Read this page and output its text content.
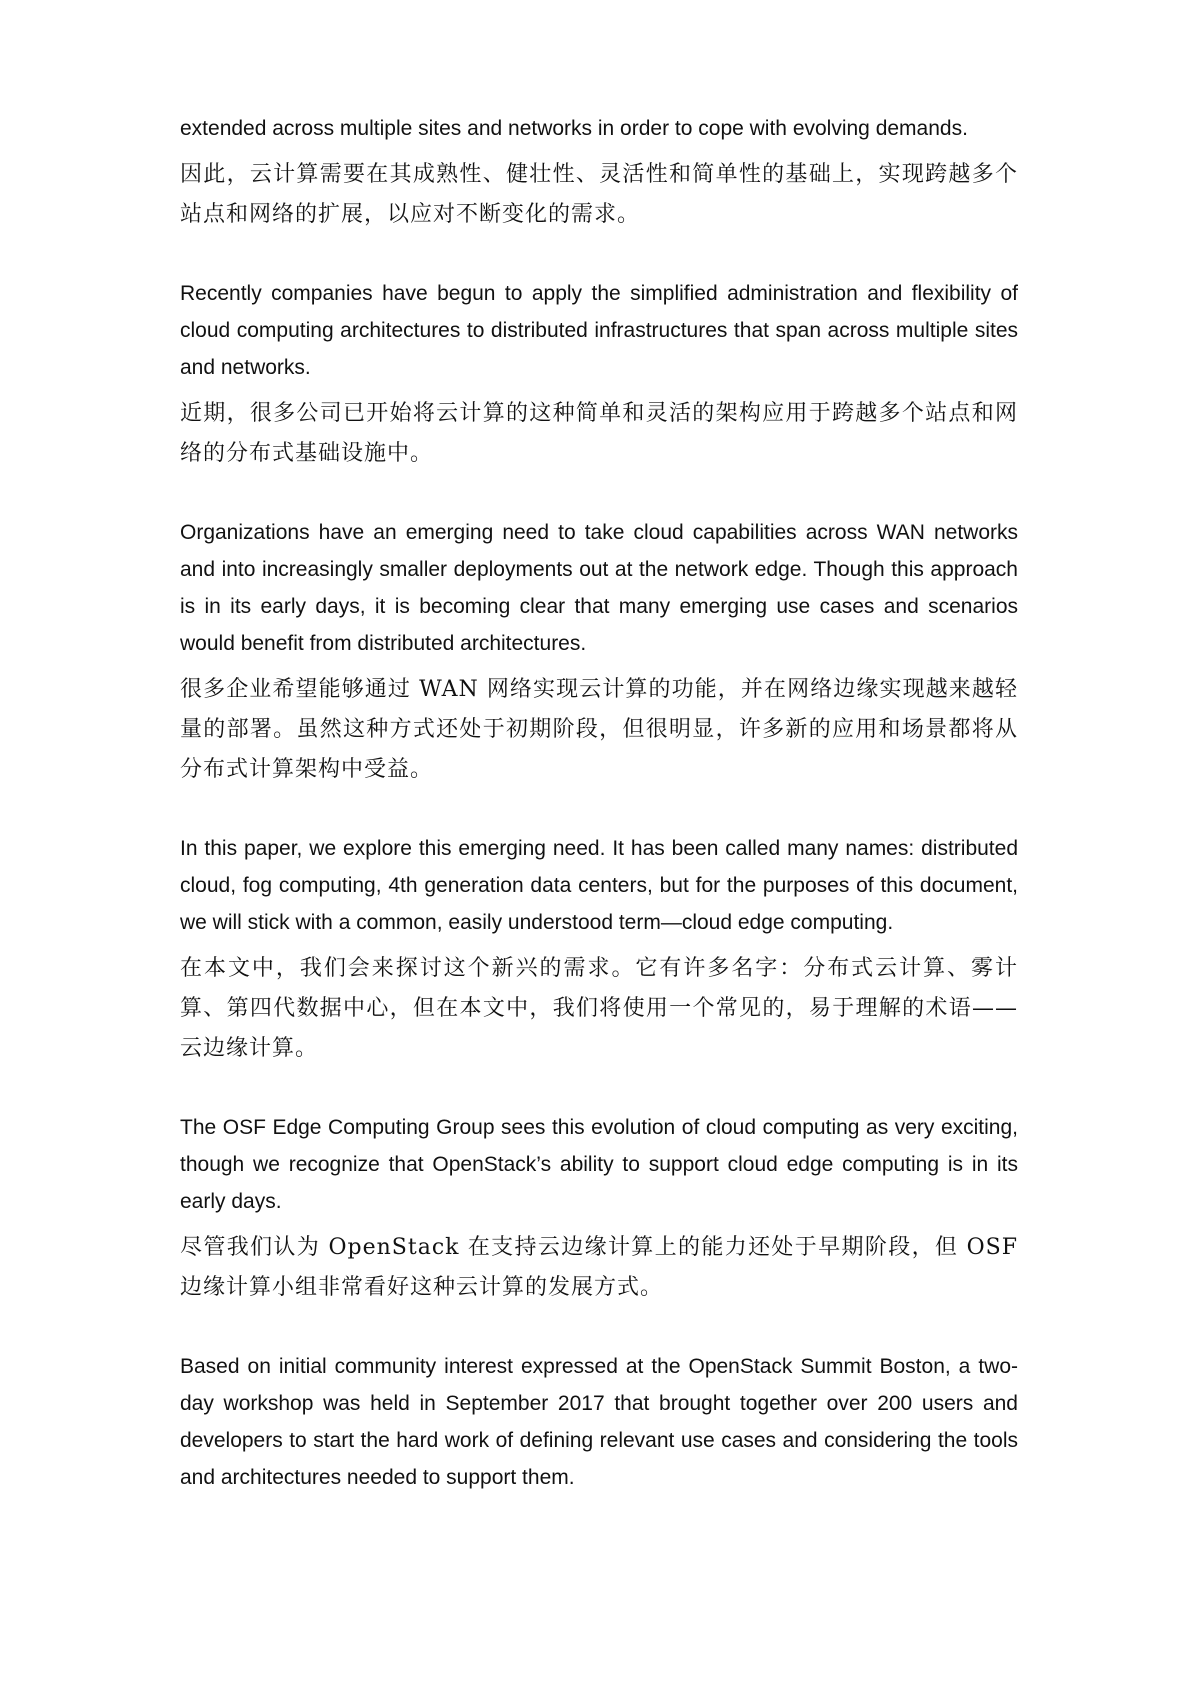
extended across multiple sites and networks in order to cope with evolving demands.

因此，云计算需要在其成熟性、健壮性、灵活性和简单性的基础上，实现跨越多个站点和网络的扩展，以应对不断变化的需求。

Recently companies have begun to apply the simplified administration and flexibility of cloud computing architectures to distributed infrastructures that span across multiple sites and networks.

近期，很多公司已开始将云计算的这种简单和灵活的架构应用于跨越多个站点和网络的分布式基础设施中。

Organizations have an emerging need to take cloud capabilities across WAN networks and into increasingly smaller deployments out at the network edge. Though this approach is in its early days, it is becoming clear that many emerging use cases and scenarios would benefit from distributed architectures.

很多企业希望能够通过 WAN 网络实现云计算的功能，并在网络边缘实现越来越轻量的部署。虽然这种方式还处于初期阶段，但很明显，许多新的应用和场景都将从分布式计算架构中受益。

In this paper, we explore this emerging need. It has been called many names: distributed cloud, fog computing, 4th generation data centers, but for the purposes of this document, we will stick with a common, easily understood term—cloud edge computing.

在本文中，我们会来探讨这个新兴的需求。它有许多名字：分布式云计算、雾计算、第四代数据中心，但在本文中，我们将使用一个常见的，易于理解的术语——云边缘计算。

The OSF Edge Computing Group sees this evolution of cloud computing as very exciting, though we recognize that OpenStack’s ability to support cloud edge computing is in its early days.

尽管我们认为 OpenStack 在支持云边缘计算上的能力还处于早期阶段，但 OSF 边缘计算小组非常看好这种云计算的发展方式。

Based on initial community interest expressed at the OpenStack Summit Boston, a two-day workshop was held in September 2017 that brought together over 200 users and developers to start the hard work of defining relevant use cases and considering the tools and architectures needed to support them.
